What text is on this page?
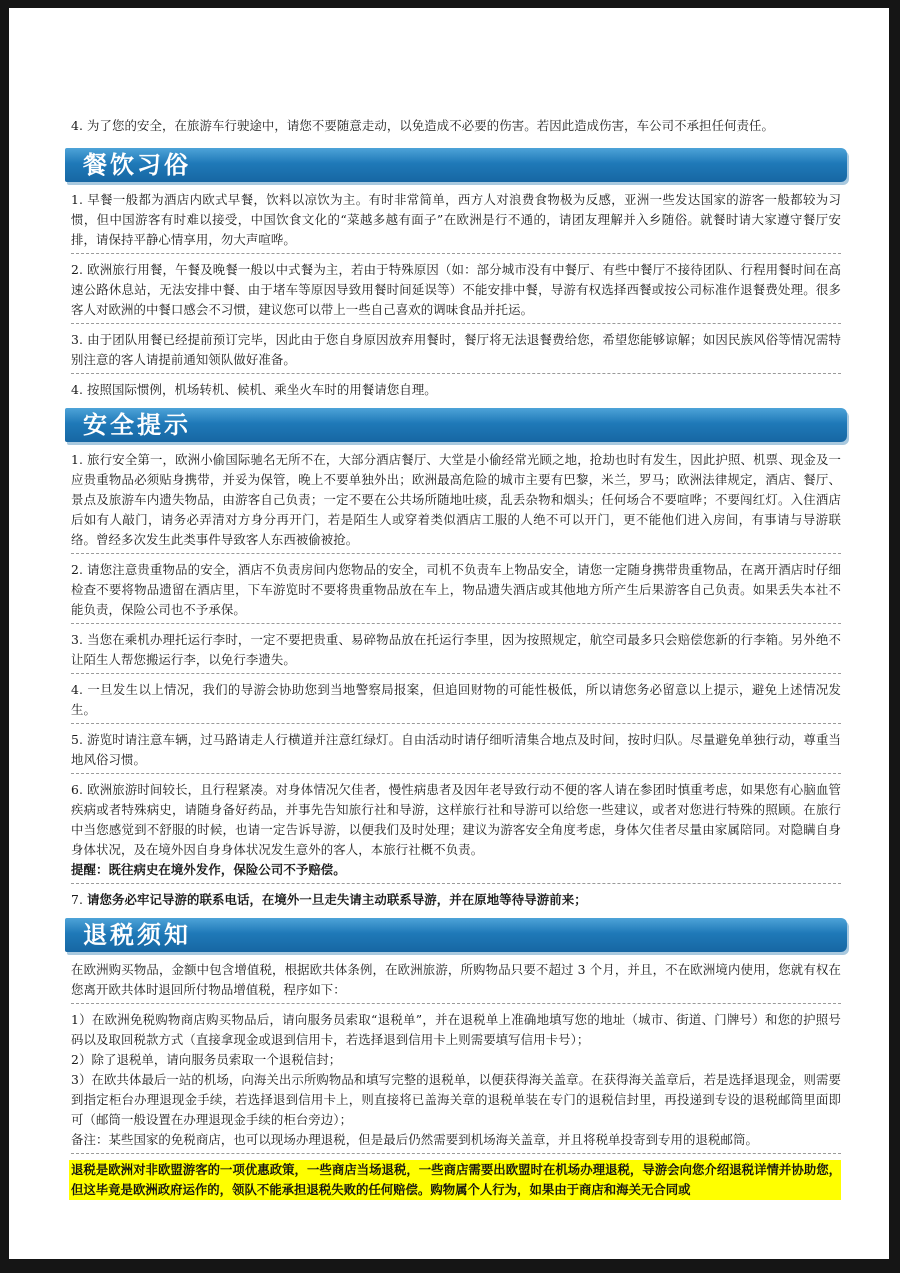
4. 为了您的安全，在旅游车行驶途中，请您不要随意走动，以免造成不必要的伤害。若因此造成伤害，车公司不承担任何责任。

餐饮习俗

1. 早餐一般都为酒店内欧式早餐，饮料以凉饮为主。有时非常简单，西方人对浪费食物极为反感，亚洲一些发达国家的游客一般都较为习惯，但中国游客有时难以接受，中国饮食文化的“菜越多越有面子”在欧洲是行不通的，请团友理解并入乡随俗。就餐时请大家遵守餐厅安排，请保持平静心情享用，勿大声喧哗。

2. 欧洲旅行用餐，午餐及晚餐一般以中式餐为主，若由于特殊原因（如：部分城市没有中餐厅、有些中餐厅不接待团队、行程用餐时间在高速公路休息站，无法安排中餐、由于堵车等原因导致用餐时间延误等）不能安排中餐，导游有权选择西餐或按公司标准作退餐费处理。很多客人对欧洲的中餐口感会不习惯，建议您可以带上一些自己喜欢的调味食品并托运。

3. 由于团队用餐已经提前预订完毕，因此由于您自身原因放弃用餐时，餐厅将无法退餐费给您，希望您能够谅解；如因民族风俗等情况需特别注意的客人请提前通知领队做好准备。

4. 按照国际惯例，机场转机、候机、乘坐火车时的用餐请您自理。

安全提示

1. 旅行安全第一，欧洲小偷国际驰名无所不在，大部分酒店餐厅、大堂是小偷经常光顾之地，抢劫也时有发生，因此护照、机票、现金及一应贵重物品必须贴身携带，并妥为保管，晚上不要单独外出；欧洲最高危险的城市主要有巴黎，米兰，罗马；欧洲法律规定，酒店、餐厅、景点及旅游车内遗失物品，由游客自己负责；一定不要在公共场所随地吐痰，乱丢杂物和烟头；任何场合不要喧哗；不要闯红灯。入住酒店后如有人敲门，请务必弄清对方身分再开门，若是陌生人或穿着类似酒店工服的人绝不可以开门，更不能他们进入房间，有事请与导游联络。曾经多次发生此类事件导致客人东西被偷被抢。

2. 请您注意贵重物品的安全，酒店不负责房间内您物品的安全，司机不负责车上物品安全，请您一定随身携带贵重物品，在离开酒店时仔细检查不要将物品遗留在酒店里，下车游览时不要将贵重物品放在车上，物品遗失酒店或其他地方所产生后果游客自己负责。如果丢失本社不能负责，保险公司也不予承保。

3. 当您在乘机办理托运行李时，一定不要把贵重、易碎物品放在托运行李里，因为按照规定，航空司最多只会赔偿您新的行李箱。另外绝不让陌生人帮您搬运行李，以免行李遗失。

4. 一旦发生以上情况，我们的导游会协助您到当地警察局报案，但追回财物的可能性极低，所以请您务必留意以上提示，避免上述情况发生。

5. 游览时请注意车辆，过马路请走人行横道并注意红绿灯。自由活动时请仔细听清集合地点及时间，按时归队。尽量避免单独行动，尊重当地风俗习惯。

6. 欧洲旅游时间较长，且行程紧凑。对身体情况欠佳者，慢性病患者及因年老导致行动不便的客人请在参团时慎重考虑，如果您有心脑血管疾病或者特殊病史，请随身备好药品，并事先告知旅行社和导游，这样旅行社和导游可以给您一些建议，或者对您进行特殊的照顾。在旅行中当您感觉到不舒服的时候，也请一定告诉导游，以便我们及时处理；建议为游客安全角度考虑，身体欠佳者尽量由家属陪同。对隐瞒自身身体状况，及在境外因自身身体状况发生意外的客人，本旅行社概不负责。

提醒：既往病史在境外发作，保险公司不予赔偿。

7. 请您务必牢记导游的联系电话，在境外一旦走失请主动联系导游，并在原地等待导游前来；

退税须知

在欧洲购买物品，金额中包含增值税，根据欧共体条例，在欧洲旅游，所购物品只要不超过 3 个月，并且，不在欧洲境内使用，您就有权在您离开欧共体时退回所付物品增值税，程序如下：

1）在欧洲免税购物商店购买物品后，请向服务员索取“退税单”，并在退税单上准确地填写您的地址（城市、街道、门牌号）和您的护照号码以及取回税款方式（直接拿现金或退到信用卡，若选择退到信用卡上则需要填写信用卡号）；

2）除了退税单，请向服务员索取一个退税信封；

3）在欧共体最后一站的机场，向海关出示所购物品和填写完整的退税单，以便获得海关盖章。在获得海关盖章后，若是选择退现金，则需要到指定柜台办理退现金手续，若选择退到信用卡上，则直接将已盖海关章的退税单装在专门的退税信封里，再投递到专设的退税邮筒里面即可（邮筒一般设置在办理退现金手续的柜台旁边）；

备注：某些国家的免税商店，也可以现场办理退税，但是最后仍然需要到机场海关盖章，并且将税单投寄到专用的退税邮筒。

退税是欧洲对非欧盟游客的一项优惠政策，一些商店当场退税，一些商店需要出欧盟时在机场办理退税，导游会向您介绍退税详情并协助您，但这毕竟是欧洲政府运作的，领队不能承担退税失败的任何赔偿。购物属个人行为，如果由于商店和海关无合同或
